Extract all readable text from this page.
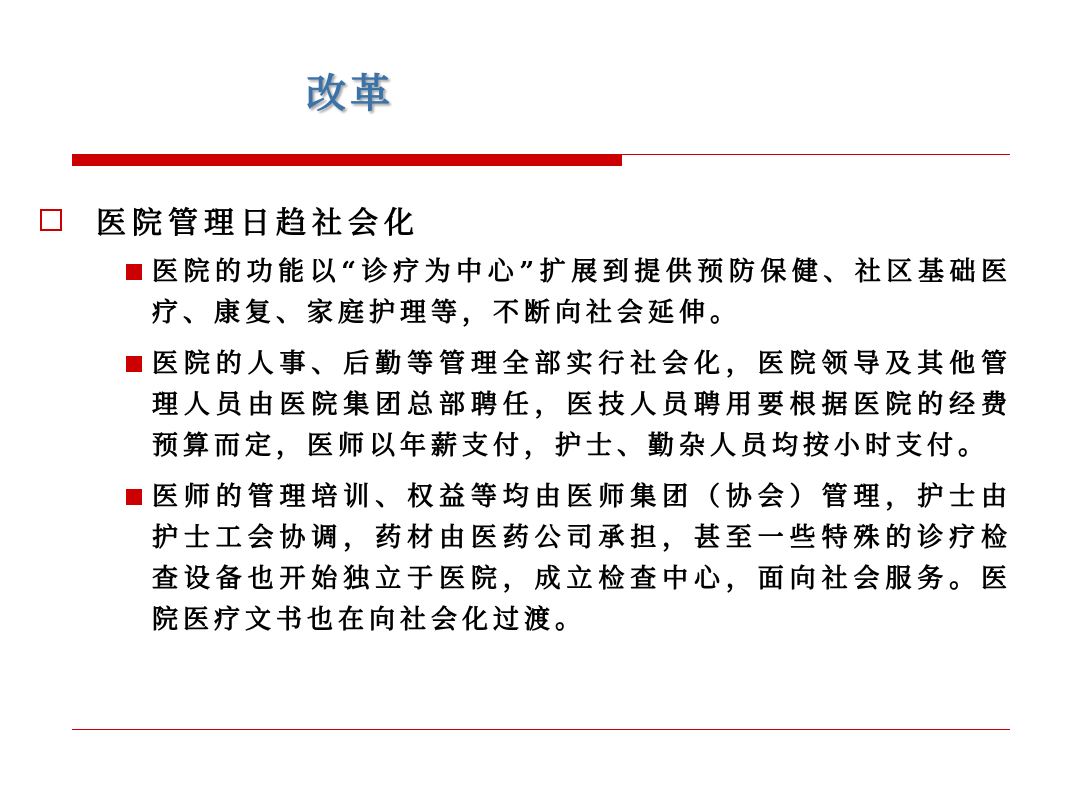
改革
医院管理日趋社会化
医院的功能以“诊疗为中心”扩展到提供预防保健、社区基础医疗、康复、家庭护理等，不断向社会延伸。
医院的人事、后勤等管理全部实行社会化，医院领导及其他管理人员由医院集团总部聘任，医技人员聘用要根据医院的经费预算而定，医师以年薪支付，护士、勤杂人员均按小时支付。
医师的管理培训、权益等均由医师集团（协会）管理，护士由护士工会协调，药材由医药公司承担，甚至一些特殊的诊疗检查设备也开始独立于医院，成立检查中心，面向社会服务。医院医疗文书也在向社会化过渡。
